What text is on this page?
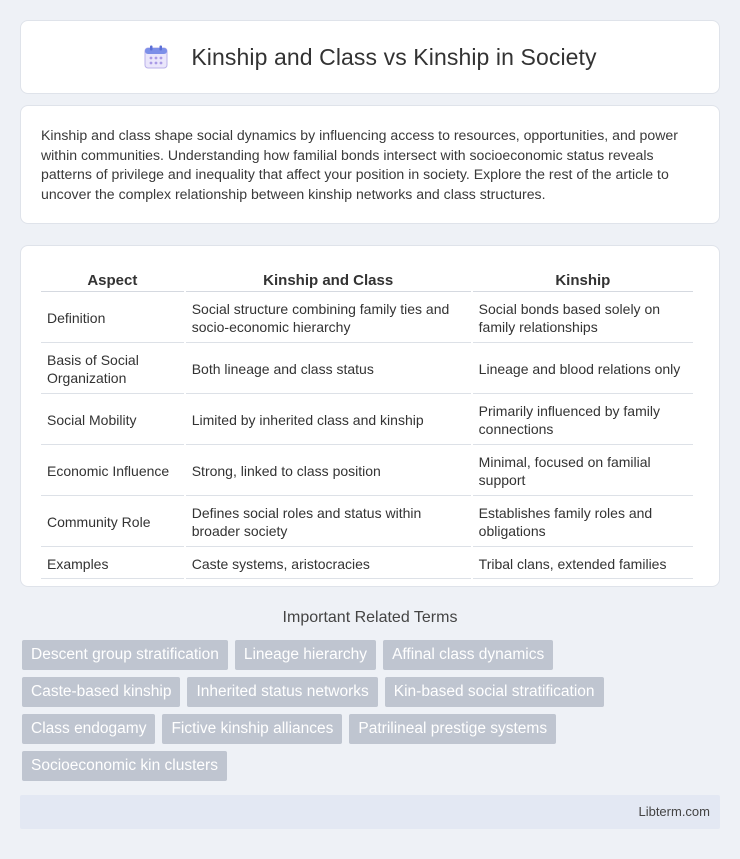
Kinship and Class vs Kinship in Society

Kinship and class shape social dynamics by influencing access to resources, opportunities, and power within communities. Understanding how familial bonds intersect with socioeconomic status reveals patterns of privilege and inequality that affect your position in society. Explore the rest of the article to uncover the complex relationship between kinship networks and class structures.

Aspect	Kinship and Class	Kinship
Definition	Social structure combining family ties and socio-economic hierarchy	Social bonds based solely on family relationships
Basis of Social Organization	Both lineage and class status	Lineage and blood relations only
Social Mobility	Limited by inherited class and kinship	Primarily influenced by family connections
Economic Influence	Strong, linked to class position	Minimal, focused on familial support
Community Role	Defines social roles and status within broader society	Establishes family roles and obligations
Examples	Caste systems, aristocracies	Tribal clans, extended families
Important Related Terms
Descent group stratification	Lineage hierarchy	Affinal class dynamics
Caste-based kinship	Inherited status networks	Kin-based social stratification
Class endogamy	Fictive kinship alliances	Patrilineal prestige systems
Socioeconomic kin clusters
Libterm.com
